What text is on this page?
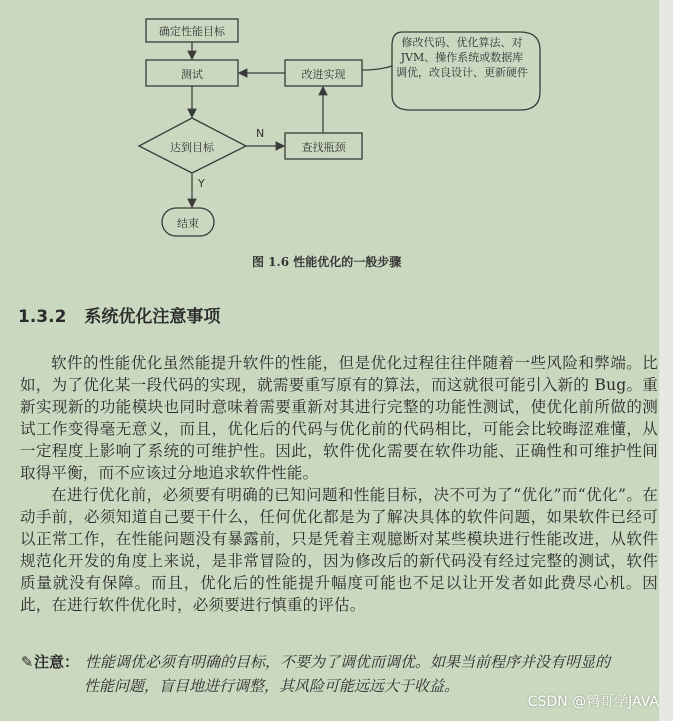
确定性能目标
测试	改进实现
查找瓶颈
达到目标
结束
修改代码、优化算法、对 JVM、操作系统或数据库调优，改良设计、更新硬件
Y
N
图 1.6 性能优化的一般步骤
1.3.2 系统优化注意事项

软件的性能优化虽然能提升软件的性能，但是优化过程往往伴随着一些风险和弊端。比如，为了优化某一段代码的实现，就需要重写原有的算法，而这就很可能引入新的 Bug。重新实现新的功能模块也同时意味着需要重新对其进行完整的功能性测试，使优化前所做的测试工作变得毫无意义，而且，优化后的代码与优化前的代码相比，可能会比较晦涩难懂，从一定程度上影响了系统的可维护性。因此，软件优化需要在软件功能、正确性和可维护性间取得平衡，而不应该过分地追求软件性能。

在进行优化前，必须要有明确的已知问题和性能目标，决不可为了“优化”而“优化”。在动手前，必须知道自己要干什么，任何优化都是为了解决具体的软件问题，如果软件已经可以正常工作，在性能问题没有暴露前，只是凭着主观臆断对某些模块进行性能改进，从软件规范化开发的角度上来说，是非常冒险的，因为修改后的新代码没有经过完整的测试，软件质量就没有保障。而且，优化后的性能提升幅度可能也不足以让开发者如此费尽心机。因此，在进行软件优化时，必须要进行慎重的评估。

✎注意： 性能调优必须有明确的目标，不要为了调优而调优。如果当前程序并没有明显的
性能问题，盲目地进行调整，其风险可能远远大于收益。
CSDN @鸨哥学JAVA
